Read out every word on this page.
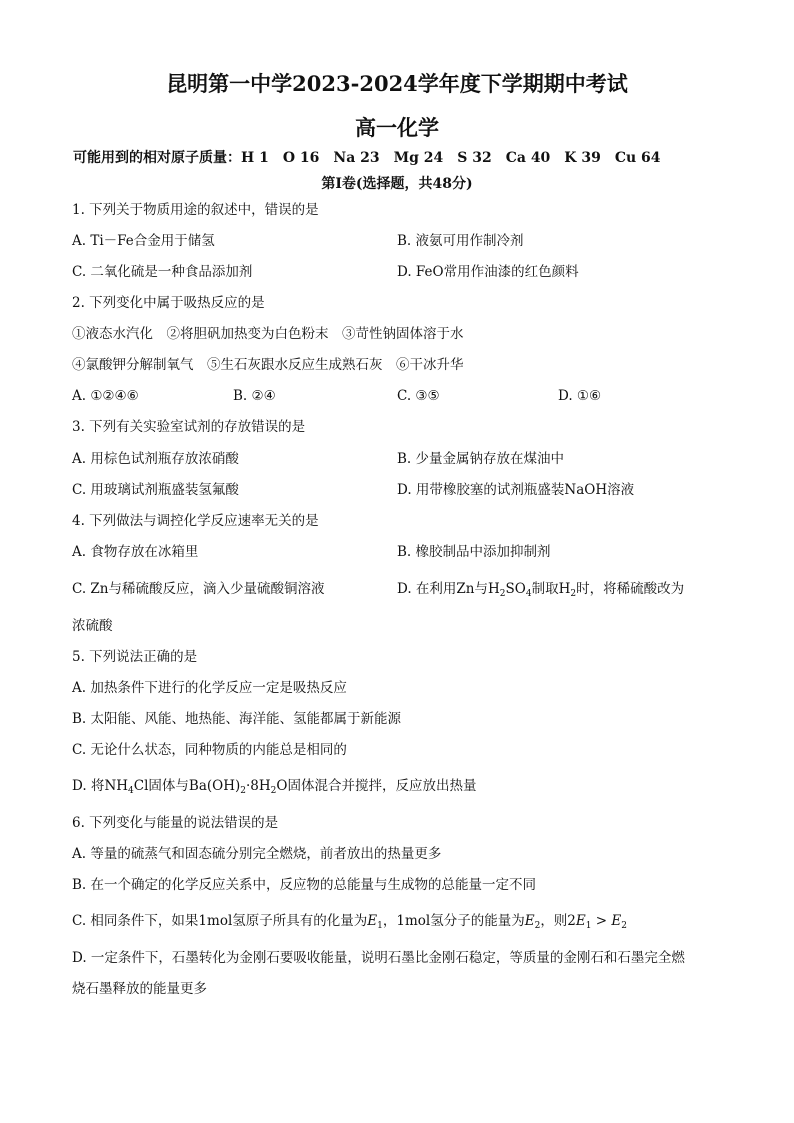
昆明第一中学2023-2024学年度下学期期中考试
高一化学
可能用到的相对原子质量：H 1　O 16　Na 23　Mg 24　S 32　Ca 40　K 39　Cu 64
第Ⅰ卷(选择题，共48分)
1. 下列关于物质用途的叙述中，错误的是
A. Ti－Fe合金用于储氢	B. 液氨可用作制冷剂
C. 二氧化硫是一种食品添加剂	D. FeO常用作油漆的红色颜料
2. 下列变化中属于吸热反应的是
①液态水汽化　②将胆矾加热变为白色粉末　③苛性钠固体溶于水
④氯酸钾分解制氧气　⑤生石灰跟水反应生成熟石灰　⑥干冰升华
A. ①②④⑥	B. ②④	C. ③⑤	D. ①⑥
3. 下列有关实验室试剂的存放错误的是
A. 用棕色试剂瓶存放浓硝酸	B. 少量金属钠存放在煤油中
C. 用玻璃试剂瓶盛装氢氟酸	D. 用带橡胶塞的试剂瓶盛装NaOH溶液
4. 下列做法与调控化学反应速率无关的是
A. 食物存放在冰箱里	B. 橡胶制品中添加抑制剂
C. Zn与稀硫酸反应，滴入少量硫酸铜溶液	D. 在利用Zn与$H_2SO_4$制取$H_2$时，将稀硫酸改为
浓硫酸
5. 下列说法正确的是
A. 加热条件下进行的化学反应一定是吸热反应
B. 太阳能、风能、地热能、海洋能、氢能都属于新能源
C. 无论什么状态，同种物质的内能总是相同的
D. 将$NH_4Cl$固体与$Ba(OH)_2\cdot 8H_2O$固体混合并搅拌，反应放出热量
6. 下列变化与能量的说法错误的是
A. 等量的硫蒸气和固态硫分别完全燃烧，前者放出的热量更多
B. 在一个确定的化学反应关系中，反应物的总能量与生成物的总能量一定不同
C. 相同条件下，如果1mol氢原子所具有的化量为$E_1$，1mol氢分子的能量为$E_2$，则$2E_1 > E_2$
D. 一定条件下，石墨转化为金刚石要吸收能量，说明石墨比金刚石稳定，等质量的金刚石和石墨完全燃
烧石墨释放的能量更多
